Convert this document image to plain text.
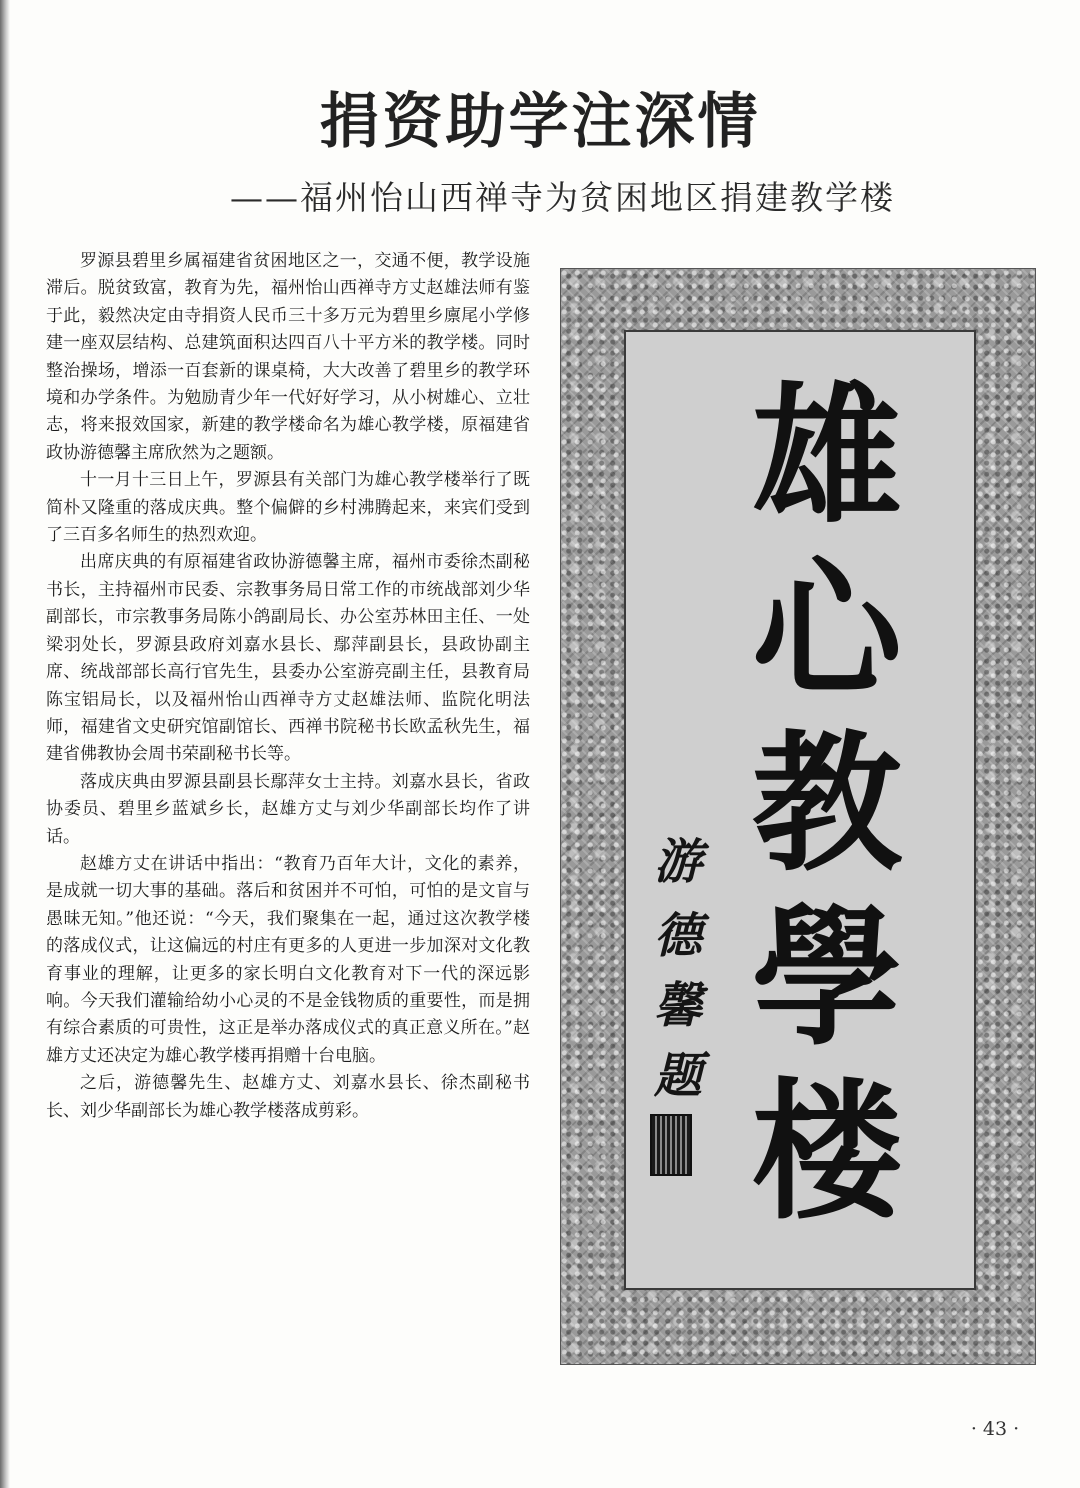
捐资助学注深情
——福州怡山西禅寺为贫困地区捐建教学楼

罗源县碧里乡属福建省贫困地区之一，交通不便，教学设施滞后。脱贫致富，教育为先，福州怡山西禅寺方丈赵雄法师有鉴于此，毅然决定由寺捐资人民币三十多万元为碧里乡廪尾小学修建一座双层结构、总建筑面积达四百八十平方米的教学楼。同时整治操场，增添一百套新的课桌椅，大大改善了碧里乡的教学环境和办学条件。为勉励青少年一代好好学习，从小树雄心、立壮志，将来报效国家，新建的教学楼命名为雄心教学楼，原福建省政协游德馨主席欣然为之题额。

十一月十三日上午，罗源县有关部门为雄心教学楼举行了既简朴又隆重的落成庆典。整个偏僻的乡村沸腾起来，来宾们受到了三百多名师生的热烈欢迎。

出席庆典的有原福建省政协游德馨主席，福州市委徐杰副秘书长，主持福州市民委、宗教事务局日常工作的市统战部刘少华副部长，市宗教事务局陈小鸽副局长、办公室苏林田主任、一处梁羽处长，罗源县政府刘嘉水县长、鄢萍副县长，县政协副主席、统战部部长高行官先生，县委办公室游亮副主任，县教育局陈宝铝局长，以及福州怡山西禅寺方丈赵雄法师、监院化明法师，福建省文史研究馆副馆长、西禅书院秘书长欧孟秋先生，福建省佛教协会周书荣副秘书长等。

落成庆典由罗源县副县长鄢萍女士主持。刘嘉水县长，省政协委员、碧里乡蓝斌乡长，赵雄方丈与刘少华副部长均作了讲话。

赵雄方丈在讲话中指出：“教育乃百年大计，文化的素养，是成就一切大事的基础。落后和贫困并不可怕，可怕的是文盲与愚昧无知。”他还说：“今天，我们聚集在一起，通过这次教学楼的落成仪式，让这偏远的村庄有更多的人更进一步加深对文化教育事业的理解，让更多的家长明白文化教育对下一代的深远影响。今天我们灌输给幼小心灵的不是金钱物质的重要性，而是拥有综合素质的可贵性，这正是举办落成仪式的真正意义所在。”赵雄方丈还决定为雄心教学楼再捐赠十台电脑。

之后，游德馨先生、赵雄方丈、刘嘉水县长、徐杰副秘书长、刘少华副部长为雄心教学楼落成剪彩。

雄
心
教
學
楼
游
德
馨
题
· 43 ·
